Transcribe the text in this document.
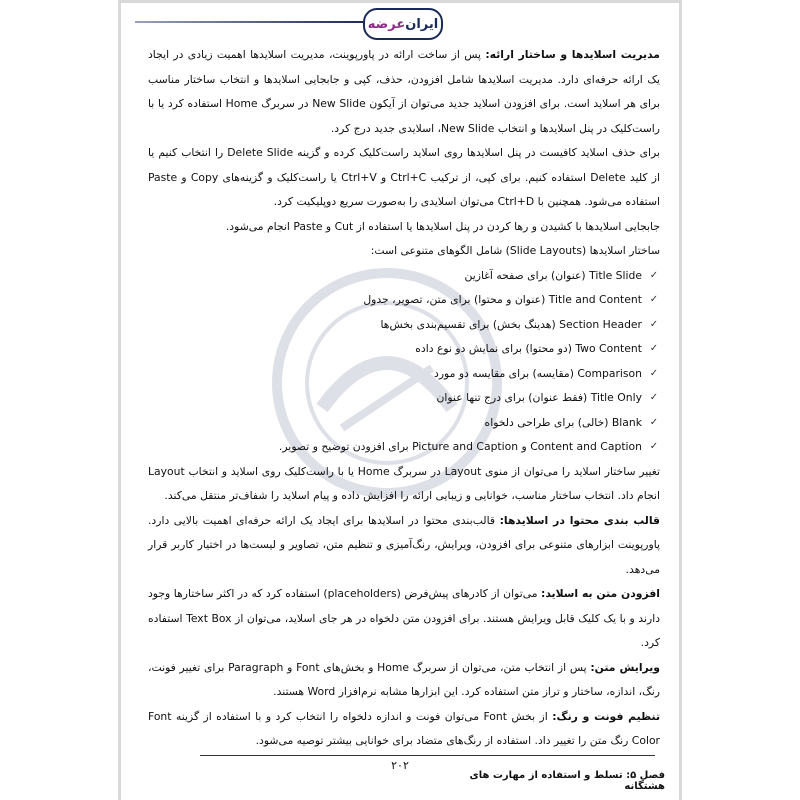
ایران
عرضه

مدیریت اسلایدها و ساختار ارائه: پس از ساخت ارائه در پاورپوینت، مدیریت اسلایدها اهمیت زیادی در ایجاد یک ارائه حرفه‌ای دارد. مدیریت اسلایدها شامل افزودن، حذف، کپی و جابجایی اسلایدها و انتخاب ساختار مناسب برای هر اسلاید است. برای افزودن اسلاید جدید می‌توان از آیکون New Slide در سربرگ Home استفاده کرد یا با راست‌کلیک در پنل اسلایدها و انتخاب New Slide، اسلایدی جدید درج کرد.

برای حذف اسلاید کافیست در پنل اسلایدها روی اسلاید راست‌کلیک کرده و گزینه Delete Slide را انتخاب کنیم یا از کلید Delete استفاده کنیم. برای کپی، از ترکیب Ctrl+C و Ctrl+V یا راست‌کلیک و گزینه‌های Copy و Paste استفاده می‌شود. همچنین با Ctrl+D می‌توان اسلایدی را به‌صورت سریع دوپلیکیت کرد.

جابجایی اسلایدها با کشیدن و رها کردن در پنل اسلایدها یا استفاده از Cut و Paste انجام می‌شود.

ساختار اسلایدها (Slide Layouts) شامل الگوهای متنوعی است:

✓
Title Slide (عنوان) برای صفحه آغازین
✓
Title and Content (عنوان و محتوا) برای متن، تصویر، جدول
✓
Section Header (هدینگ بخش) برای تقسیم‌بندی بخش‌ها
✓
Two Content (دو محتوا) برای نمایش دو نوع داده
✓
Comparison (مقایسه) برای مقایسه دو مورد
✓
Title Only (فقط عنوان) برای درج تنها عنوان
✓
Blank (خالی) برای طراحی دلخواه
✓
Content and Caption و Picture and Caption برای افزودن توضیح و تصویر.

تغییر ساختار اسلاید را می‌توان از منوی Layout در سربرگ Home یا با راست‌کلیک روی اسلاید و انتخاب Layout انجام داد. انتخاب ساختار مناسب، خوانایی و زیبایی ارائه را افزایش داده و پیام اسلاید را شفاف‌تر منتقل می‌کند.

قالب بندی محتوا در اسلایدها: قالب‌بندی محتوا در اسلایدها برای ایجاد یک ارائه حرفه‌ای اهمیت بالایی دارد. پاورپوینت ابزارهای متنوعی برای افزودن، ویرایش، رنگ‌آمیزی و تنظیم متن، تصاویر و لیست‌ها در اختیار کاربر قرار می‌دهد.

افزودن متن به اسلاید: می‌توان از کادرهای پیش‌فرض (placeholders) استفاده کرد که در اکثر ساختارها وجود دارند و با یک کلیک قابل ویرایش هستند. برای افزودن متن دلخواه در هر جای اسلاید، می‌توان از Text Box استفاده کرد.

ویرایش متن: پس از انتخاب متن، می‌توان از سربرگ Home و بخش‌های Font و Paragraph برای تغییر فونت، رنگ، اندازه، ساختار و تراز متن استفاده کرد. این ابزارها مشابه نرم‌افزار Word هستند.

تنظیم فونت و رنگ: از بخش Font می‌توان فونت و اندازه دلخواه را انتخاب کرد و با استفاده از گزینه Font Color رنگ متن را تغییر داد. استفاده از رنگ‌های متضاد برای خوانایی بیشتر توصیه می‌شود.

۲۰۲
فصل ۵: تسلط و استفاده از مهارت های هشتگانه
